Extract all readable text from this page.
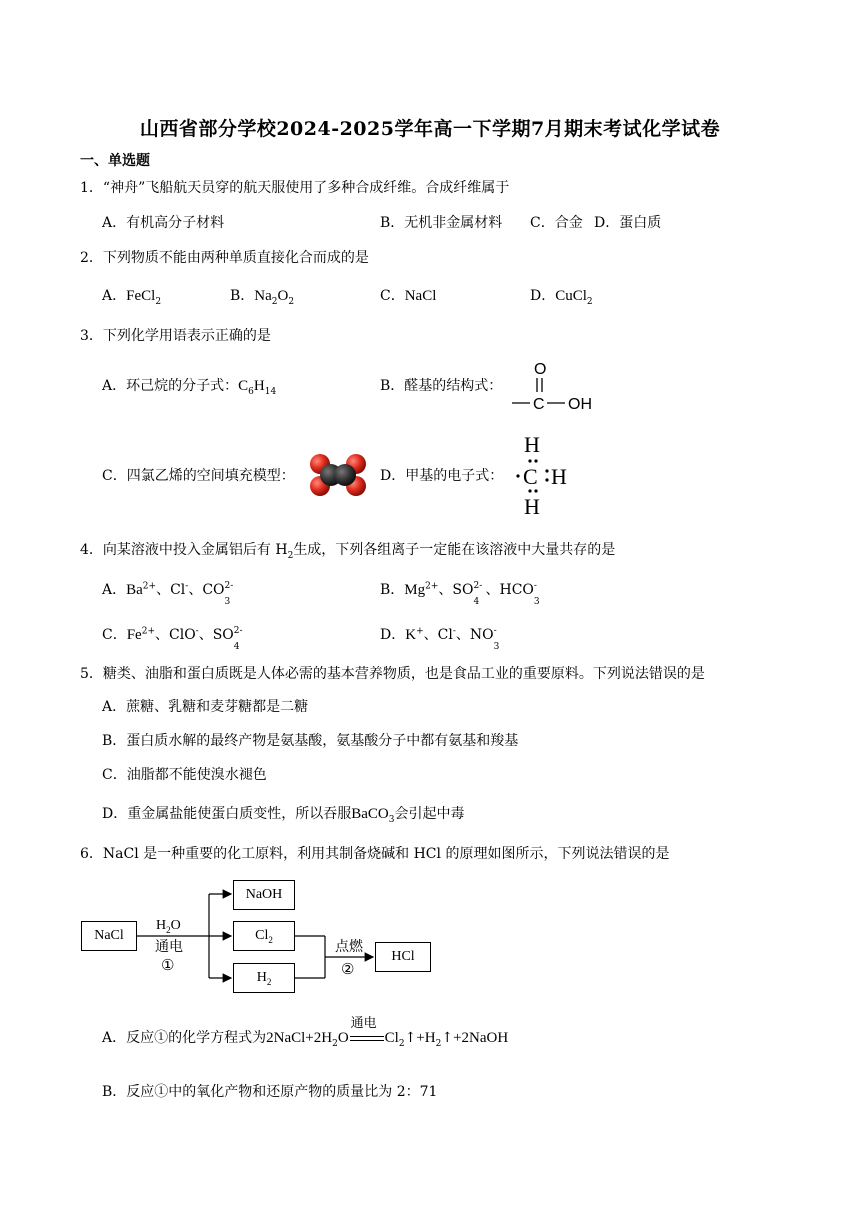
山西省部分学校2024-2025学年高一下学期7月期末考试化学试卷
一、单选题
1．“神舟”飞船航天员穿的航天服使用了多种合成纤维。合成纤维属于
A．有机高分子材料	B．无机非金属材料 C．合金 D．蛋白质
2．下列物质不能由两种单质直接化合而成的是
A．FeCl$_2$	B．$Na_2O_2$	C．NaCl	D．CuCl$_2$
3．下列化学用语表示正确的是
A．环己烷的分子式：$C_6H_{14}$	B．醛基的结构式：
O
C OH
C．四氯乙烯的空间填充模型：	D．甲基的电子式：
H
C H
H
4．向某溶液中投入金属铝后有 $H_2$生成，下列各组离子一定能在该溶液中大量共存的是
A．$Ba^{2+}$、Cl-、CO 2-
3
B．$Mg^{2+}$、SO 2-
4
、HCO -
3
C．$Fe^{2+}$、ClO-、SO 2-
4
D．K+、Cl-、NO -
3
5．糖类、油脂和蛋白质既是人体必需的基本营养物质，也是食品工业的重要原料。下列说法错误的是
A．蔗糖、乳糖和麦芽糖都是二糖
B．蛋白质水解的最终产物是氨基酸，氨基酸分子中都有氨基和羧基
C．油脂都不能使溴水褪色
D．重金属盐能使蛋白质变性，所以吞服BaCO$_3$会引起中毒
6．NaCl 是一种重要的化工原料，利用其制备烧碱和 HCl 的原理如图所示，下列说法错误的是
NaCl
NaOH
$Cl_2$
$H_2$
HCl
$H_2O$
通电
①
点燃
②
A．反应①的化学方程式为$2NaCl+2H_2O$
通电
$Cl_2↑+H_2↑+2NaOH$
B．反应①中的氧化产物和还原产物的质量比为 2：71
